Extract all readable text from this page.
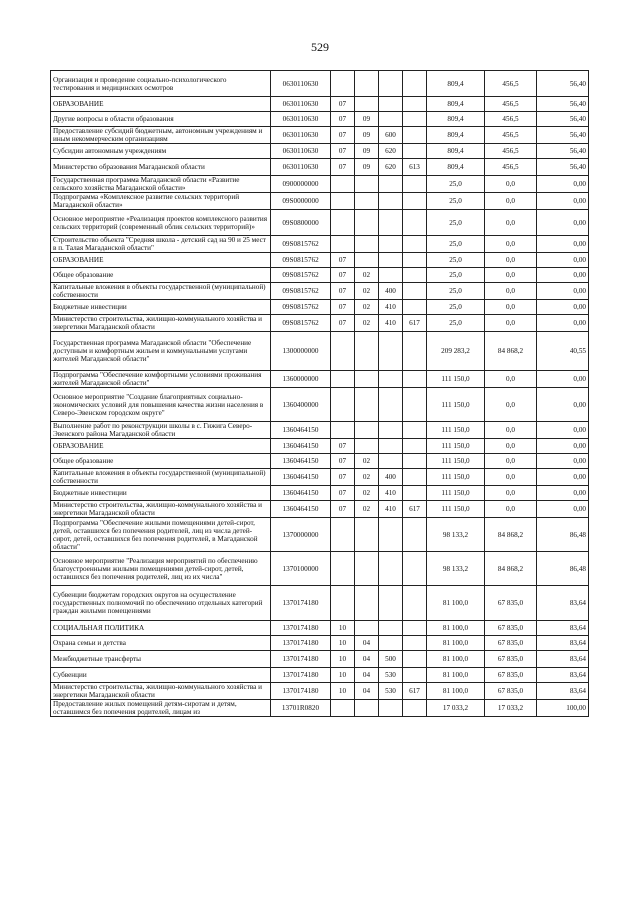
529
Организация и проведение социально-психологического тестирования и медицинских осмотров	0630110630					809,4	456,5	56,40
ОБРАЗОВАНИЕ	0630110630	07				809,4	456,5	56,40
Другие вопросы в области образования	0630110630	07	09			809,4	456,5	56,40
Предоставление субсидий бюджетным, автономным учреждениям и иным некоммерческим организациям	0630110630	07	09	600		809,4	456,5	56,40
Субсидии автономным учреждениям	0630110630	07	09	620		809,4	456,5	56,40
Министерство образования Магаданской области	0630110630	07	09	620	613	809,4	456,5	56,40
Государственная программа Магаданской области «Развитие сельского хозяйства Магаданской области»	0900000000					25,0	0,0	0,00
Подпрограмма «Комплексное развитие сельских территорий Магаданской области»	09S0000000					25,0	0,0	0,00
Основное мероприятие «Реализация проектов комплексного развития сельских территорий (современный облик сельских территорий)»	09S0800000					25,0	0,0	0,00
Строительство объекта "Средняя школа - детский сад на 90 и 25 мест в п. Талая Магаданской области"	09S0815762					25,0	0,0	0,00
ОБРАЗОВАНИЕ	09S0815762	07				25,0	0,0	0,00
Общее образование	09S0815762	07	02			25,0	0,0	0,00
Капитальные вложения в объекты государственной (муниципальной) собственности	09S0815762	07	02	400		25,0	0,0	0,00
Бюджетные инвестиции	09S0815762	07	02	410		25,0	0,0	0,00
Министерство строительства, жилищно-коммунального хозяйства и энергетики Магаданской области	09S0815762	07	02	410	617	25,0	0,0	0,00
Государственная программа Магаданской области "Обеспечение доступным и комфортным жильем и коммунальными услугами жителей Магаданской области"	1300000000					209 283,2	84 868,2	40,55
Подпрограмма "Обеспечение комфортными условиями проживания жителей Магаданской области"	1360000000					111 150,0	0,0	0,00
Основное мероприятие "Создание благоприятных социально-экономических условий для повышения качества жизни населения в Северо-Эвенском городском округе"	1360400000					111 150,0	0,0	0,00
Выполнение работ по реконструкции школы в с. Гижига Северо-Эвенского района Магаданской области	1360464150					111 150,0	0,0	0,00
ОБРАЗОВАНИЕ	1360464150	07				111 150,0	0,0	0,00
Общее образование	1360464150	07	02			111 150,0	0,0	0,00
Капитальные вложения в объекты государственной (муниципальной) собственности	1360464150	07	02	400		111 150,0	0,0	0,00
Бюджетные инвестиции	1360464150	07	02	410		111 150,0	0,0	0,00
Министерство строительства, жилищно-коммунального хозяйства и энергетики Магаданской области	1360464150	07	02	410	617	111 150,0	0,0	0,00
Подпрограмма "Обеспечение жилыми помещениями детей-сирот, детей, оставшихся без попечения родителей, лиц из числа детей-сирот, детей, оставшихся без попечения родителей, в Магаданской области"	1370000000					98 133,2	84 868,2	86,48
Основное мероприятие "Реализация мероприятий по обеспечению благоустроенными жилыми помещениями детей-сирот, детей, оставшихся без попечения родителей, лиц из их числа"	1370100000					98 133,2	84 868,2	86,48
Субвенции бюджетам городских округов на осуществление государственных полномочий по обеспечению отдельных категорий граждан жилыми помещениями	1370174180					81 100,0	67 835,0	83,64
СОЦИАЛЬНАЯ ПОЛИТИКА	1370174180	10				81 100,0	67 835,0	83,64
Охрана семьи и детства	1370174180	10	04			81 100,0	67 835,0	83,64
Межбюджетные трансферты	1370174180	10	04	500		81 100,0	67 835,0	83,64
Субвенции	1370174180	10	04	530		81 100,0	67 835,0	83,64
Министерство строительства, жилищно-коммунального хозяйства и энергетики Магаданской области	1370174180	10	04	530	617	81 100,0	67 835,0	83,64
Предоставление жилых помещений детям-сиротам и детям, оставшимся без попечения родителей, лицам из	13701R0820					17 033,2	17 033,2	100,00
